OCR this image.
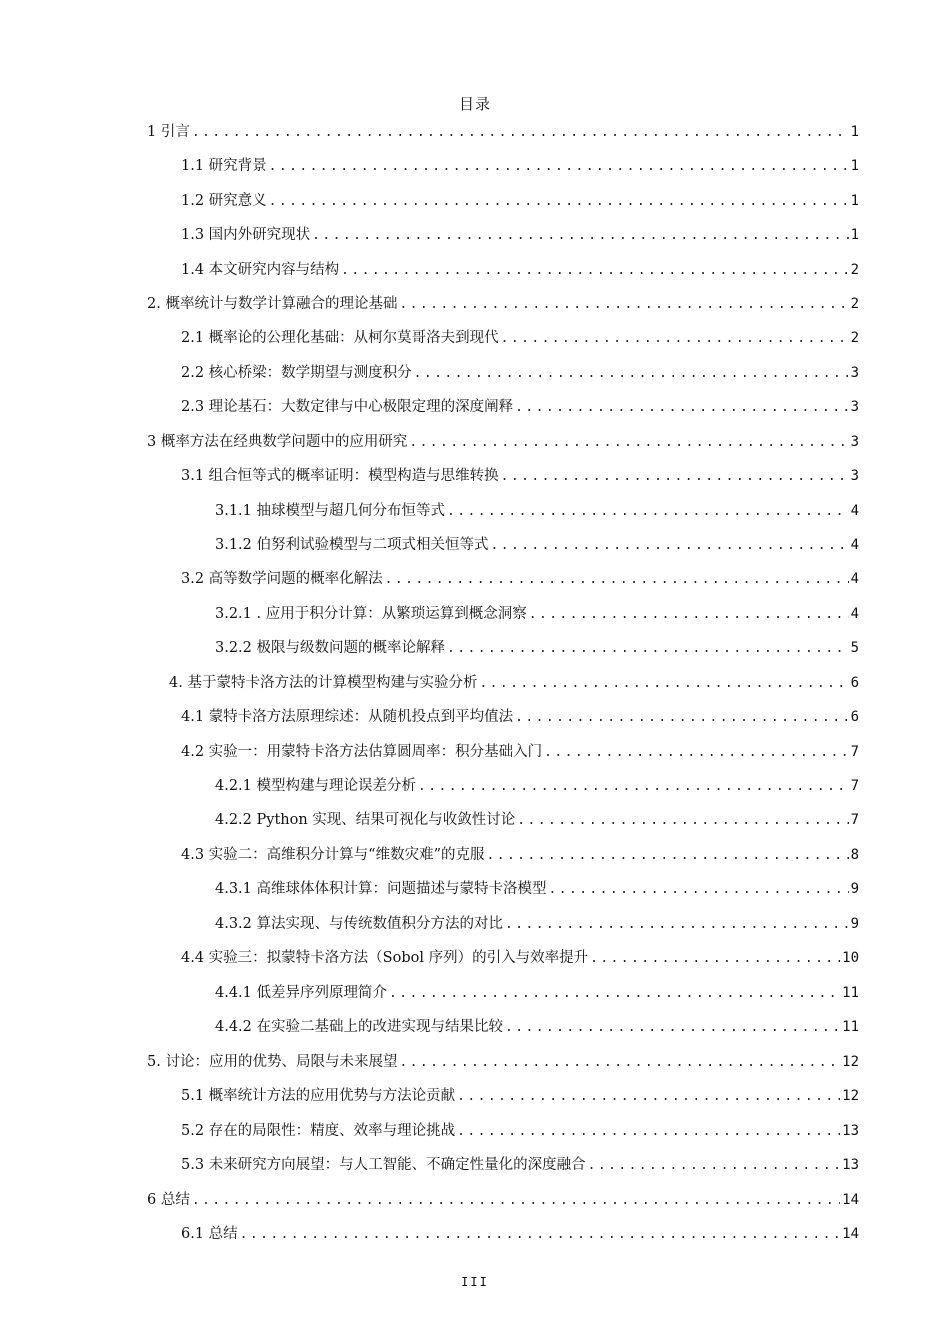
目录
1 引言 .....	1
1.1 研究背景 .....	1
1.2 研究意义 .....	1
1.3 国内外研究现状 .....	1
1.4 本文研究内容与结构 .....	2
2. 概率统计与数学计算融合的理论基础 .....	2
2.1 概率论的公理化基础：从柯尔莫哥洛夫到现代 .....	2
2.2 核心桥梁：数学期望与测度积分 .....	3
2.3 理论基石：大数定律与中心极限定理的深度阐释 .....	3
3 概率方法在经典数学问题中的应用研究 .....	3
3.1 组合恒等式的概率证明：模型构造与思维转换 .....	3
3.1.1 抽球模型与超几何分布恒等式 .....	4
3.1.2 伯努利试验模型与二项式相关恒等式 .....	4
3.2 高等数学问题的概率化解法 .....	4
3.2.1 . 应用于积分计算：从繁琐运算到概念洞察 .....	4
3.2.2 极限与级数问题的概率论解释 .....	5
4. 基于蒙特卡洛方法的计算模型构建与实验分析 .....	6
4.1 蒙特卡洛方法原理综述：从随机投点到平均值法 .....	6
4.2 实验一：用蒙特卡洛方法估算圆周率：积分基础入门 .....	7
4.2.1 模型构建与理论误差分析 .....	7
4.2.2 Python 实现、结果可视化与收敛性讨论 .....	7
4.3 实验二：高维积分计算与“维数灾难”的克服 .....	8
4.3.1 高维球体体积计算：问题描述与蒙特卡洛模型 .....	9
4.3.2 算法实现、与传统数值积分方法的对比 .....	9
4.4 实验三：拟蒙特卡洛方法（Sobol 序列）的引入与效率提升 .....	10
4.4.1 低差异序列原理简介 .....	11
4.4.2 在实验二基础上的改进实现与结果比较 .....	11
5. 讨论：应用的优势、局限与未来展望 .....	12
5.1 概率统计方法的应用优势与方法论贡献 .....	12
5.2 存在的局限性：精度、效率与理论挑战 .....	13
5.3 未来研究方向展望：与人工智能、不确定性量化的深度融合 .....	13
6 总结 .....	14
6.1 总结 .....	14
III
